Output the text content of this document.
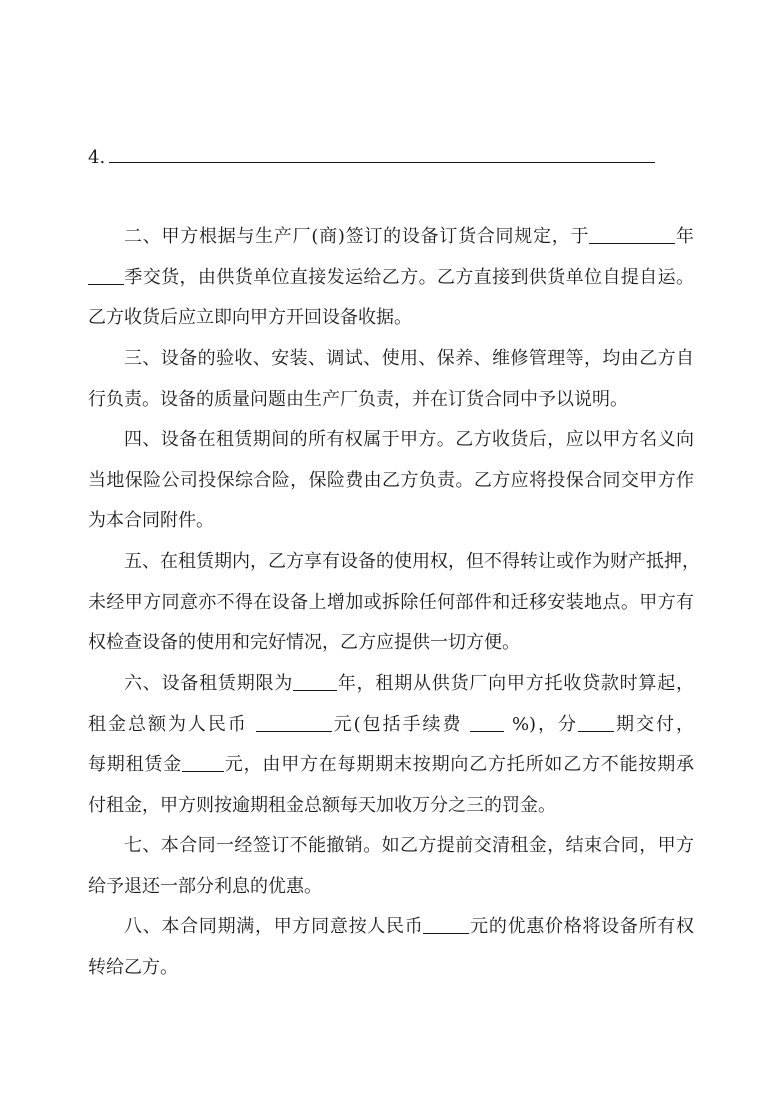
4.
二、甲方根据与生产厂(商)签订的设备订货合同规定，于	年
季交货，由供货单位直接发运给乙方。乙方直接到供货单位自提自运。
乙方收货后应立即向甲方开回设备收据。
三、设备的验收、安装、调试、使用、保养、维修管理等，均由乙方自
行负责。设备的质量问题由生产厂负责，并在订货合同中予以说明。
四、设备在租赁期间的所有权属于甲方。乙方收货后，应以甲方名义向
当地保险公司投保综合险，保险费由乙方负责。乙方应将投保合同交甲方作
为本合同附件。
五、在租赁期内，乙方享有设备的使用权，但不得转让或作为财产抵押，
未经甲方同意亦不得在设备上增加或拆除任何部件和迁移安装地点。甲方有
权检查设备的使用和完好情况，乙方应提供一切方便。
六、设备租赁期限为 年，租期从供货厂向甲方托收贷款时算起，
租金总额为人民币	元(包括手续费  %)，分 期交付，
每期租赁金 元，由甲方在每期期末按期向乙方托所如乙方不能按期承
付租金，甲方则按逾期租金总额每天加收万分之三的罚金。
七、本合同一经签订不能撤销。如乙方提前交清租金，结束合同，甲方
给予退还一部分利息的优惠。
八、本合同期满，甲方同意按人民币	元的优惠价格将设备所有权
转给乙方。
